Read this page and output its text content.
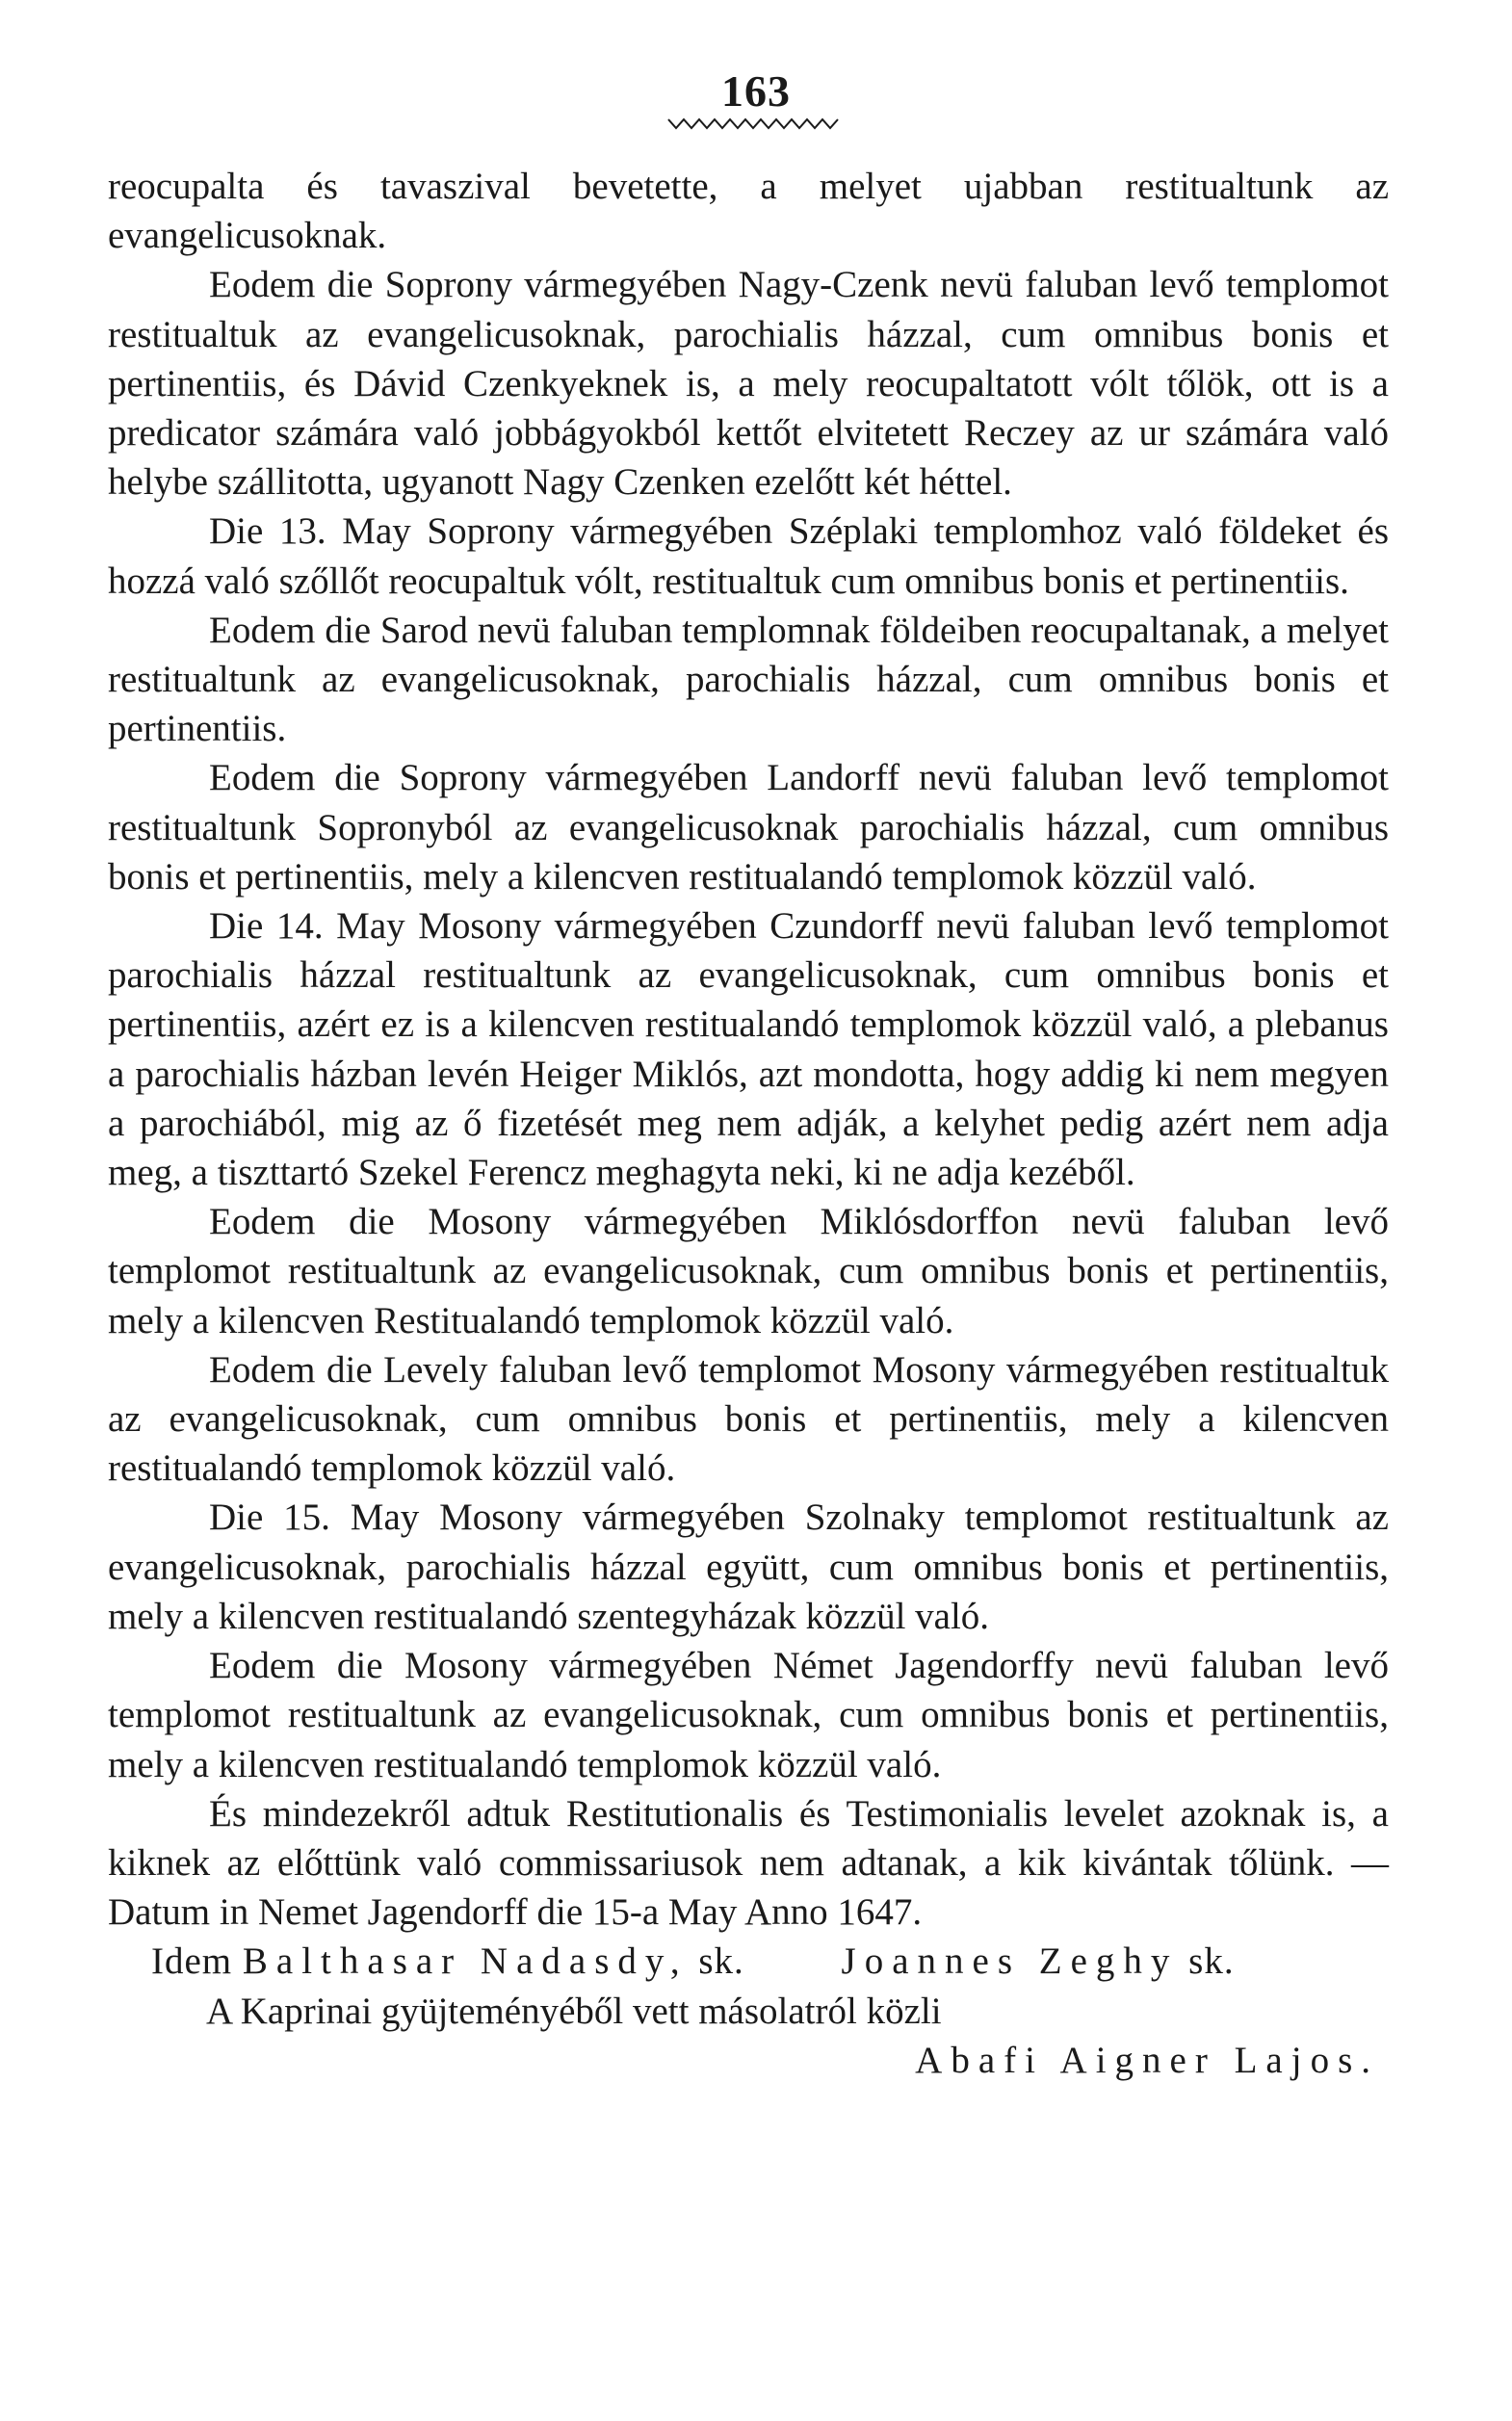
163

reocupalta és tavaszival bevetette, a melyet ujabban restitualtunk az evangelicusoknak.

Eodem die Soprony vármegyében Nagy-Czenk nevü faluban levő templomot restitualtuk az evangelicusoknak, parochialis házzal, cum omnibus bonis et pertinentiis, és Dávid Czenkyeknek is, a mely reocupaltatott vólt tőlök, ott is a predicator számára való jobbágyokból kettőt elvitetett Reczey az ur számára való helybe szállitotta, ugyanott Nagy Czenken ezelőtt két héttel.

Die 13. May Soprony vármegyében Széplaki templomhoz való földeket és hozzá való szőllőt reocupaltuk vólt, restitualtuk cum omnibus bonis et pertinentiis.

Eodem die Sarod nevü faluban templomnak földeiben reocupaltanak, a melyet restitualtunk az evangelicusoknak, parochialis házzal, cum omnibus bonis et pertinentiis.

Eodem die Soprony vármegyében Landorff nevü faluban levő templomot restitualtunk Sopronyból az evangelicusoknak parochialis házzal, cum omnibus bonis et pertinentiis, mely a kilencven restitualandó templomok közzül való.

Die 14. May Mosony vármegyében Czundorff nevü faluban levő templomot parochialis házzal restitualtunk az evangelicusoknak, cum omnibus bonis et pertinentiis, azért ez is a kilencven restitualandó templomok közzül való, a plebanus a parochialis házban levén Heiger Miklós, azt mondotta, hogy addig ki nem megyen a parochiából, mig az ő fizetését meg nem adják, a kelyhet pedig azért nem adja meg, a tiszttartó Szekel Ferencz meghagyta neki, ki ne adja kezéből.

Eodem die Mosony vármegyében Miklósdorffon nevü faluban levő templomot restitualtunk az evangelicusoknak, cum omnibus bonis et pertinentiis, mely a kilencven Restitualandó templomok közzül való.

Eodem die Levely faluban levő templomot Mosony vármegyében restitualtuk az evangelicusoknak, cum omnibus bonis et pertinentiis, mely a kilencven restitualandó templomok közzül való.

Die 15. May Mosony vármegyében Szolnaky templomot restitualtunk az evangelicusoknak, parochialis házzal együtt, cum omnibus bonis et pertinentiis, mely a kilencven restitualandó szentegyházak közzül való.

Eodem die Mosony vármegyében Német Jagendorffy nevü faluban levő templomot restitualtunk az evangelicusoknak, cum omnibus bonis et pertinentiis, mely a kilencven restitualandó templomok közzül való.

És mindezekről adtuk Restitutionalis és Testimonialis levelet azoknak is, a kiknek az előttünk való commissariusok nem adtanak, a kik kivántak tőlünk. — Datum in Nemet Jagendorff die 15-a May Anno 1647.

Idem Balthasar Nadasdy, sk.	Joannes Zeghy sk.

A Kaprinai gyüjteményéből vett másolatról közli

Abafi Aigner Lajos.
